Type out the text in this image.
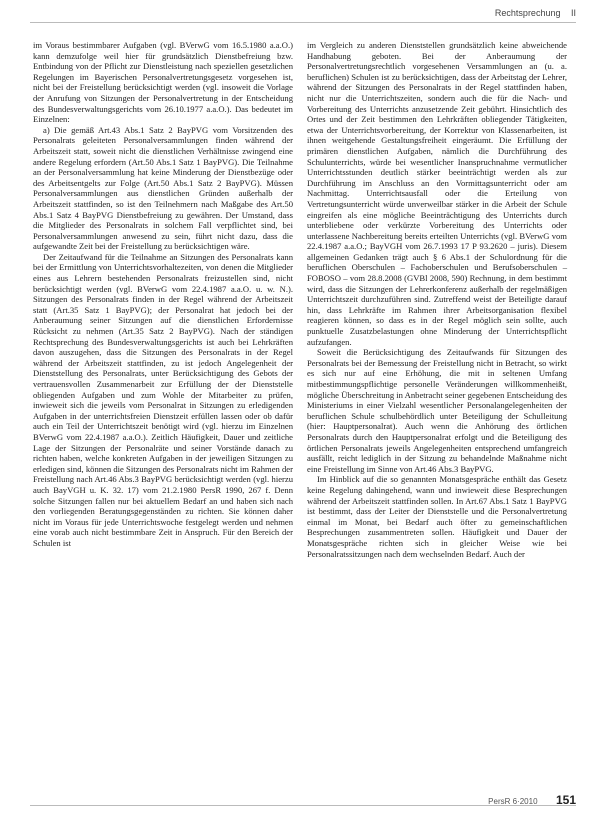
Rechtsprechung II

im Voraus bestimmbarer Aufgaben (vgl. BVerwG vom 16.5.1980 a.a.O.) kann demzufolge weil hier für grundsätzlich Dienstbefreiung bzw. Entbindung von der Pflicht zur Dienstleistung nach speziellen gesetzlichen Regelungen im Bayerischen Personalvertretungsgesetz vorgesehen ist, nicht bei der Freistellung berücksichtigt werden (vgl. insoweit die Vorlage der Anrufung von Sitzungen der Personalvertretung in der Entscheidung des Bundesverwaltungsgerichts vom 26.10.1977 a.a.O.). Das bedeutet im Einzelnen:

a) Die gemäß Art.43 Abs.1 Satz 2 BayPVG vom Vorsitzenden des Personalrats geleiteten Personalversammlungen finden während der Arbeitszeit statt, soweit nicht die dienstlichen Verhältnisse zwingend eine andere Regelung erfordern (Art.50 Abs.1 Satz 1 BayPVG). Die Teilnahme an der Personalversammlung hat keine Minderung der Dienstbezüge oder des Arbeitsentgelts zur Folge (Art.50 Abs.1 Satz 2 BayPVG). Müssen Personalversammlungen aus dienstlichen Gründen außerhalb der Arbeitszeit stattfinden, so ist den Teilnehmern nach Maßgabe des Art.50 Abs.1 Satz 4 BayPVG Dienstbefreiung zu gewähren. Der Umstand, dass die Mitglieder des Personalrats in solchem Fall verpflichtet sind, bei Personalversammlungen anwesend zu sein, führt nicht dazu, dass die aufgewandte Zeit bei der Freistellung zu berücksichtigen wäre.

Der Zeitaufwand für die Teilnahme an Sitzungen des Personalrats kann bei der Ermittlung von Unterrichtsvorhaltezeiten, von denen die Mitglieder eines aus Lehrern bestehenden Personalrats freizustellen sind, nicht berücksichtigt werden (vgl. BVerwG vom 22.4.1987 a.a.O. u. w. N.). Sitzungen des Personalrats finden in der Regel während der Arbeitszeit statt (Art.35 Satz 1 BayPVG); der Personalrat hat jedoch bei der Anberaumung seiner Sitzungen auf die dienstlichen Erfordernisse Rücksicht zu nehmen (Art.35 Satz 2 BayPVG). Nach der ständigen Rechtsprechung des Bundesverwaltungsgerichts ist auch bei Lehrkräften davon auszugehen, dass die Sitzungen des Personalrats in der Regel während der Arbeitszeit stattfinden, zu ist jedoch Angelegenheit der Dienststellung des Personalrats, unter Berücksichtigung des Gebots der vertrauensvollen Zusammenarbeit zur Erfüllung der der Dienststelle obliegenden Aufgaben und zum Wohle der Mitarbeiter zu prüfen, inwieweit sich die jeweils vom Personalrat in Sitzungen zu erledigenden Aufgaben in der unterrichtsfreien Dienstzeit erfüllen lassen oder ob dafür auch ein Teil der Unterrichtszeit benötigt wird (vgl. hierzu im Einzelnen BVerwG vom 22.4.1987 a.a.O.). Zeitlich Häufigkeit, Dauer und zeitliche Lage der Sitzungen der Personalräte und seiner Vorstände danach zu richten haben, welche konkreten Aufgaben in der jeweiligen Sitzungen zu erledigen sind, können die Sitzungen des Personalrats nicht im Rahmen der Freistellung nach Art.46 Abs.3 BayPVG berücksichtigt werden (vgl. hierzu auch BayVGH u. K. 32. 17) vom 21.2.1980 PersR 1990, 267 f. Denn solche Sitzungen fallen nur bei aktuellem Bedarf an und haben sich nach den vorliegenden Beratungsgegenständen zu richten. Sie können daher nicht im Voraus für jede Unterrichtswoche festgelegt werden und nehmen eine vorab auch nicht bestimmbare Zeit in Anspruch. Für den Bereich der Schulen ist

im Vergleich zu anderen Dienststellen grundsätzlich keine abweichende Handhabung geboten. Bei der Anberaumung der Personalvertretungsrechtlich vorgesehenen Versammlungen an (u. a. beruflichen) Schulen ist zu berücksichtigen, dass der Arbeitstag der Lehrer, während der Sitzungen des Personalrats in der Regel stattfinden haben, nicht nur die Unterrichtszeiten, sondern auch die für die Nach- und Vorbereitung des Unterrichts anzusetzende Zeit gebührt. Hinsichtlich des Ortes und der Zeit bestimmen den Lehrkräften obliegender Tätigkeiten, etwa der Unterrichtsvorbereitung, der Korrektur von Klassenarbeiten, ist ihnen weitgehende Gestaltungsfreiheit eingeräumt. Die Erfüllung der primären dienstlichen Aufgaben, nämlich die Durchführung des Schulunterrichts, würde bei wesentlicher Inanspruchnahme vermutlicher Unterrichtsstunden deutlich stärker beeinträchtigt werden als zur Durchführung im Anschluss an den Vormittagsunterricht oder am Nachmittag. Unterrichtsausfall oder die Erteilung von Vertretungsunterricht würde unverweilbar stärker in die Arbeit der Schule eingreifen als eine mögliche Beeinträchtigung des Unterrichts durch unterbliebene oder verkürzte Vorbereitung des Unterrichts oder unterlassene Nachbereitung bereits erteilten Unterrichts (vgl. BVerwG vom 22.4.1987 a.a.O.; BayVGH vom 26.7.1993 17 P 93.2620 – juris). Diesem allgemeinen Gedanken trägt auch § 6 Abs.1 der Schulordnung für die beruflichen Oberschulen – Fachoberschulen und Berufsoberschulen – FOBOSO – vom 28.8.2008 (GVBl 2008, 590) Rechnung, in dem bestimmt wird, dass die Sitzungen der Lehrerkonferenz außerhalb der regelmäßigen Unterrichtszeit durchzuführen sind. Zutreffend weist der Beteiligte darauf hin, dass Lehrkräfte im Rahmen ihrer Arbeitsorganisation flexibel reagieren können, so dass es in der Regel möglich sein sollte, auch punktuelle Zusatzbelastungen ohne Minderung der Unterrichtspflicht aufzufangen.

Soweit die Berücksichtigung des Zeitaufwands für Sitzungen des Personalrats bei der Bemessung der Freistellung nicht in Betracht, so wirkt es sich nur auf eine Erhöhung, die mit in seltenen Umfang mitbestimmungspflichtige personelle Veränderungen willkommenheißt, mögliche Überschreitung in Anbetracht seiner gegebenen Entscheidung des Ministeriums in einer Vielzahl wesentlicher Personalangelegenheiten der beruflichen Schule schulbehördlich unter Beteiligung der Schulleitung (hier: Hauptpersonalrat). Auch wenn die Anhörung des örtlichen Personalrats durch den Hauptpersonalrat erfolgt und die Beteiligung des örtlichen Personalrats jeweils Angelegenheiten entsprechend umfangreich ausfällt, reicht lediglich in der Sitzung zu behandelnde Maßnahme nicht eine Freistellung im Sinne von Art.46 Abs.3 BayPVG.

Im Hinblick auf die so genannten Monatsgespräche enthält das Gesetz keine Regelung dahingehend, wann und inwieweit diese Besprechungen während der Arbeitszeit stattfinden sollen. In Art.67 Abs.1 Satz 1 BayPVG ist bestimmt, dass der Leiter der Dienststelle und die Personalvertretung einmal im Monat, bei Bedarf auch öfter zu gemeinschaftlichen Besprechungen zusammentreten sollen. Häufigkeit und Dauer der Monatsgespräche richten sich in gleicher Weise wie bei Personalratssitzungen nach dem wechselnden Bedarf. Auch der

PersR 6·2010 151
